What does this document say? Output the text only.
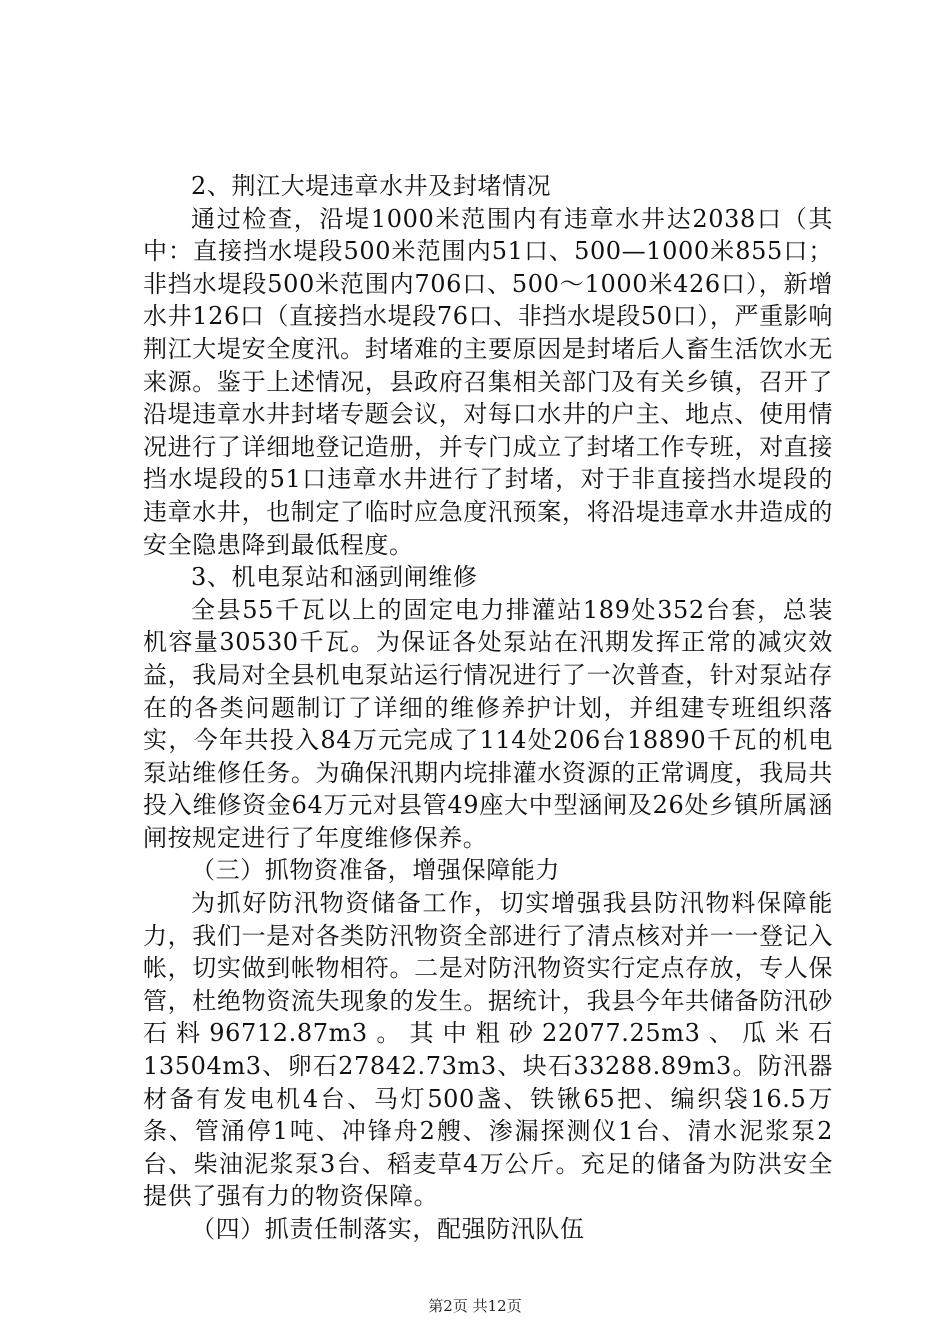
2、荆江大堤违章水井及封堵情况

通过检查，沿堤1000米范围内有违章水井达2038口（其中：直接挡水堤段500米范围内51口、500—1000米855口；非挡水堤段500米范围内706口、500～1000米426口），新增水井126口（直接挡水堤段76口、非挡水堤段50口），严重影响荆江大堤安全度汛。封堵难的主要原因是封堵后人畜生活饮水无来源。鉴于上述情况，县政府召集相关部门及有关乡镇，召开了沿堤违章水井封堵专题会议，对每口水井的户主、地点、使用情况进行了详细地登记造册，并专门成立了封堵工作专班，对直接挡水堤段的51口违章水井进行了封堵，对于非直接挡水堤段的违章水井，也制定了临时应急度汛预案，将沿堤违章水井造成的安全隐患降到最低程度。

3、机电泵站和涵剅闸维修

全县55千瓦以上的固定电力排灌站189处352台套，总装机容量30530千瓦。为保证各处泵站在汛期发挥正常的减灾效益，我局对全县机电泵站运行情况进行了一次普查，针对泵站存在的各类问题制订了详细的维修养护计划，并组建专班组织落实，今年共投入84万元完成了114处206台18890千瓦的机电泵站维修任务。为确保汛期内垸排灌水资源的正常调度，我局共投入维修资金64万元对县管49座大中型涵闸及26处乡镇所属涵闸按规定进行了年度维修保养。

（三）抓物资准备，增强保障能力

为抓好防汛物资储备工作，切实增强我县防汛物料保障能力，我们一是对各类防汛物资全部进行了清点核对并一一登记入帐，切实做到帐物相符。二是对防汛物资实行定点存放，专人保管，杜绝物资流失现象的发生。据统计，我县今年共储备防汛砂石料96712.87m3。其中粗砂22077.25m3、瓜米石13504m3、卵石27842.73m3、块石33288.89m3。防汛器材备有发电机4台、马灯500盏、铁锹65把、编织袋16.5万条、管涌停1吨、冲锋舟2艘、渗漏探测仪1台、清水泥浆泵2台、柴油泥浆泵3台、稻麦草4万公斤。充足的储备为防洪安全提供了强有力的物资保障。

（四）抓责任制落实，配强防汛队伍

第2页 共12页
